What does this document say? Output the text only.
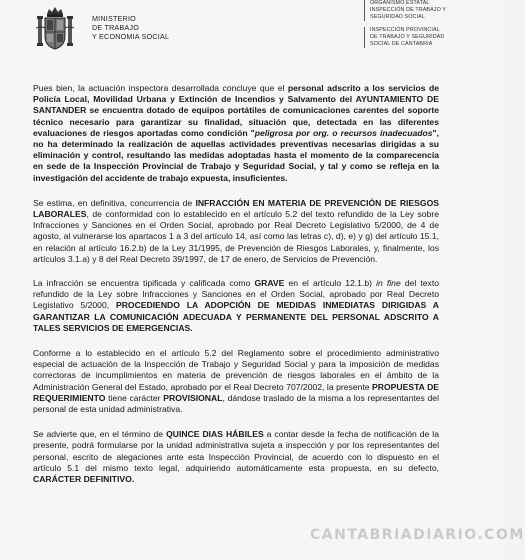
MINISTERIO
DE TRABAJO
Y ECONOMIA SOCIAL
ORGANISMO ESTATAL
INSPECCIÓN DE TRABAJO Y
SEGURIDAD SOCIAL
INSPECCIÓN PROVINCIAL
DE TRABAJO Y SEGURIDAD
SOCIAL DE CANTABRIA

Pues bien, la actuación inspectora desarrollada concluye que el personal adscrito a los servicios de Policía Local, Movilidad Urbana y Extinción de Incendios y Salvamento del AYUNTAMIENTO DE SANTANDER se encuentra dotado de equipos portátiles de comunicaciones carentes del soporte técnico necesario para garantizar su finalidad, situación que, detectada en las diferentes evaluaciones de riesgos aportadas como condición "peligrosa por org. o recursos inadecuados", no ha determinado la realización de aquellas actividades preventivas necesarias dirigidas a su eliminación y control, resultando las medidas adoptadas hasta el momento de la comparecencia en sede de la Inspección Provincial de Trabajo y Seguridad Social, y tal y como se refleja en la investigación del accidente de trabajo expuesta, insuficientes.

Se estima, en definitiva, concurrencia de INFRACCIÓN EN MATERIA DE PREVENCIÓN DE RIESGOS LABORALES, de conformidad con lo establecido en el artículo 5.2 del texto refundido de la Ley sobre Infracciones y Sanciones en el Orden Social, aprobado por Real Decreto Legislativo 5/2000, de 4 de agosto, al vulnerarse los apartacos 1 a 3 del artículo 14, así como las letras c), d), e) y g) del artículo 15.1, en relación al artículo 16.2.b) de la Ley 31/1995, de Prevención de Riesgos Laborales, y, finalmente, los artículos 3.1.a) y 8 del Real Decreto 39/1997, de 17 de enero, de Servicios de Prevención.

La infracción se encuentra tipificada y calificada como GRAVE en el artículo 12.1.b) in fine del texto refundido de la Ley sobre Infracciones y Sanciones en el Orden Social, aprobado por Real Decreto Legislativo 5/2000, PROCEDIENDO LA ADOPCIÓN DE MEDIDAS INMEDIATAS DIRIGIDAS A GARANTIZAR LA COMUNICACIÓN ADECUADA Y PERMANENTE DEL PERSONAL ADSCRITO A TALES SERVICIOS DE EMERGENCIAS.

Conforme a lo establecido en el artículo 5.2 del Reglamento sobre el procedimiento administrativo especial de actuación de la Inspección de Trabajo y Seguridad Social y para la imposición de medidas correctoras de incumplimientos en materia de prevención de riesgos laborales en el ámbito de la Administración General del Estado, aprobado por el Real Decreto 707/2002, la presente PROPUESTA DE REQUERIMIENTO tiene carácter PROVISIONAL, dándose traslado de la misma a los representantes del personal de esta unidad administrativa.

Se advierte que, en el término de QUINCE DIAS HÁBILES a contar desde la fecha de notificación de la presente, podrá formularse por la unidad administrativa sujeta a inspección y por los representantes del personal, escrito de alegaciones ante esta Inspección Provincial, de acuerdo con lo dispuesto en el artículo 5.1 del mismo texto legal, adquiriendo automáticamente esta propuesta, en su defecto, CARÁCTER DEFINITIVO.

CANTABRIADIARIO.COM
